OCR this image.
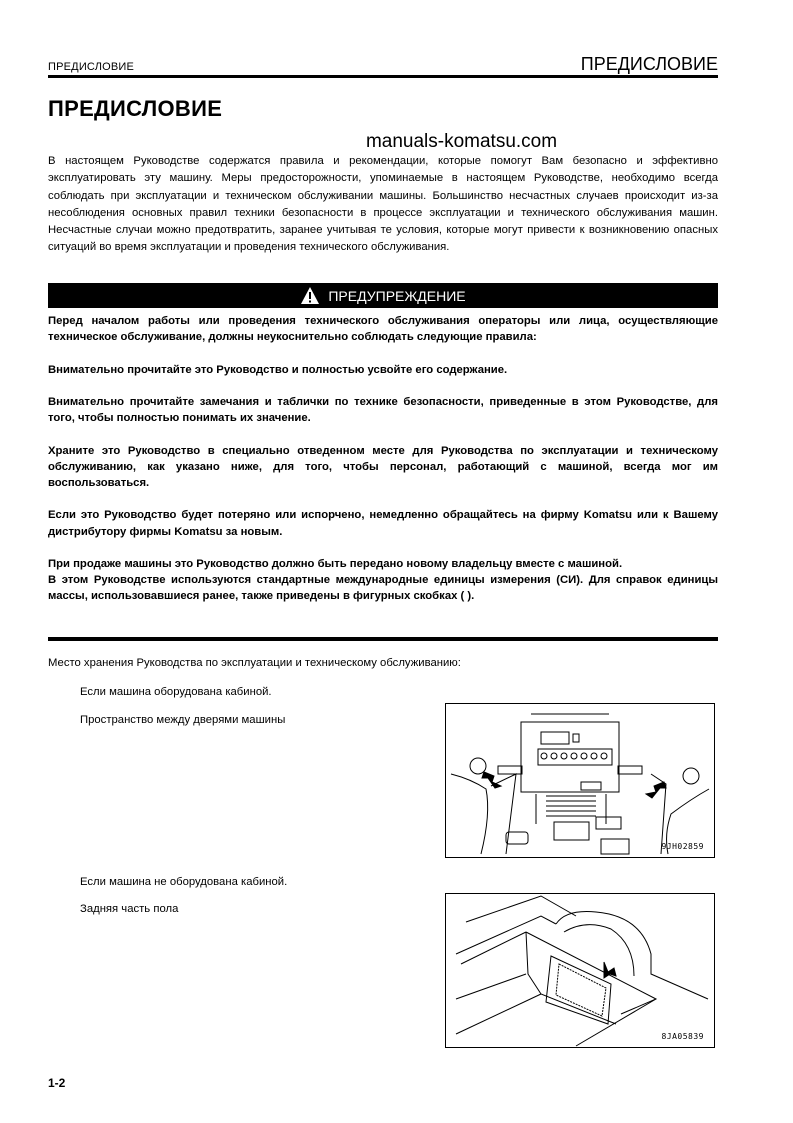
ПРЕДИСЛОВИЕ	ПРЕДИСЛОВИЕ
ПРЕДИСЛОВИЕ
manuals-komatsu.com

В настоящем Руководстве содержатся правила и рекомендации, которые помогут Вам безопасно и эффективно эксплуатировать эту машину. Меры предосторожности, упоминаемые в настоящем Руководстве, необходимо всегда соблюдать при эксплуатации и техническом обслуживании машины. Большинство несчастных случаев происходит из-за несоблюдения основных правил техники безопасности в процессе эксплуатации и технического обслуживания машин. Несчастные случаи можно предотвратить, заранее учитывая те условия, которые могут привести к возникновению опасных ситуаций во время эксплуатации и проведения технического обслуживания.

ПРЕДУПРЕЖДЕНИЕ

Перед началом работы или проведения технического обслуживания операторы или лица, осуществляющие техническое обслуживание, должны неукоснительно соблюдать следующие правила:

Внимательно прочитайте это Руководство и полностью усвойте его содержание.

Внимательно прочитайте замечания и таблички по технике безопасности, приведенные в этом Руководстве, для того, чтобы полностью понимать их значение.

Храните это Руководство в специально отведенном месте для Руководства по эксплуатации и техническому обслуживанию, как указано ниже, для того, чтобы персонал, работающий с машиной, всегда мог им воспользоваться.

Если это Руководство будет потеряно или испорчено, немедленно обращайтесь на фирму Komatsu или к Вашему дистрибутору фирмы Komatsu за новым.

При продаже машины это Руководство должно быть передано новому владельцу вместе с машиной.

В этом Руководстве используются стандартные международные единицы измерения (СИ). Для справок единицы массы, использовавшиеся ранее, также приведены в фигурных скобках ( ).

Место хранения Руководства по эксплуатации и техническому обслуживанию:
Если машина оборудована кабиной.
Пространство между дверями машины
9JH02859
Если машина не оборудована кабиной.
Задняя часть пола
8JA05839
1-2
